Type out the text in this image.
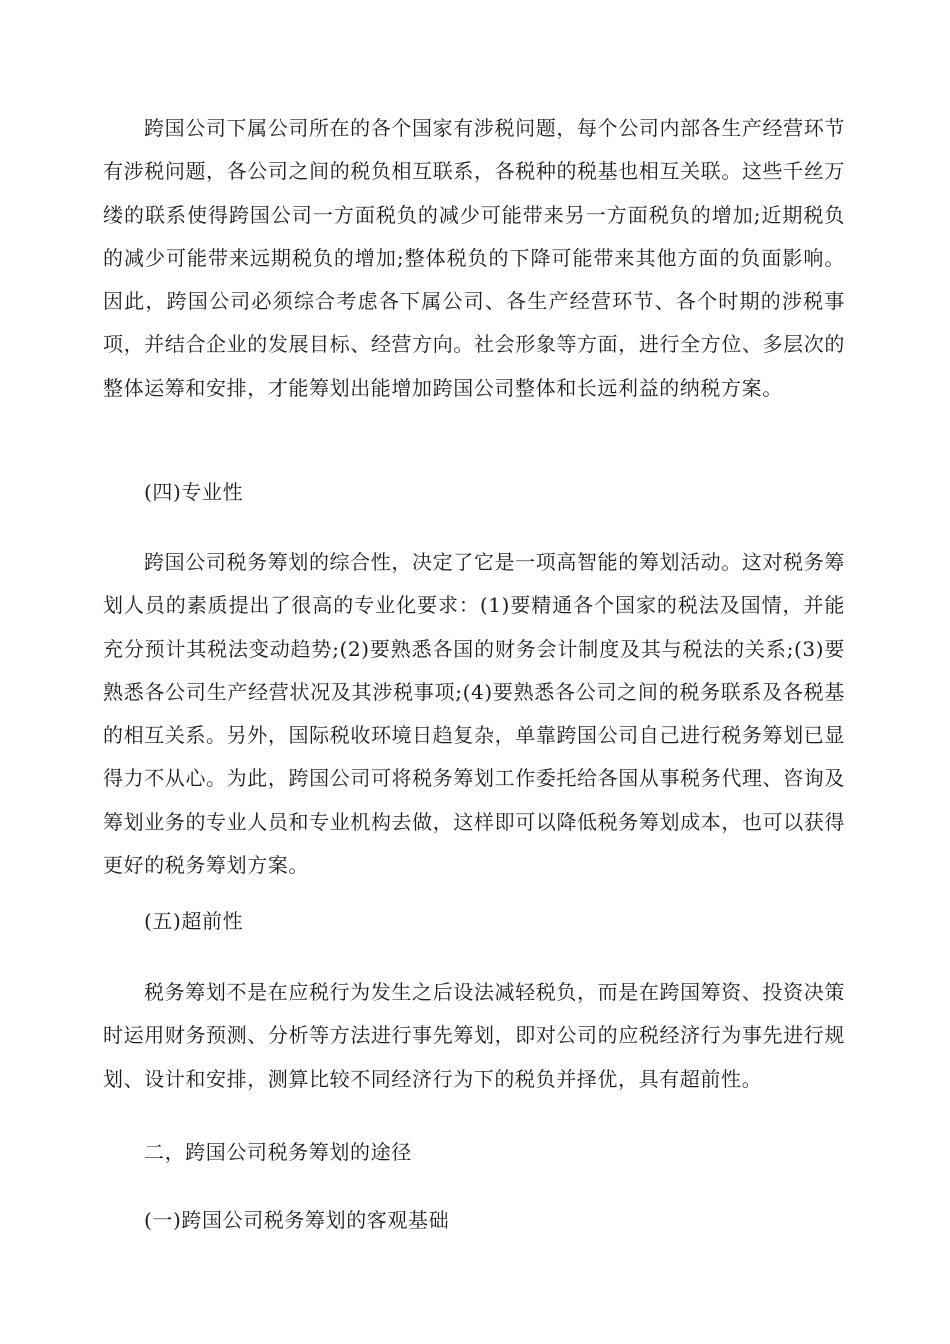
跨国公司下属公司所在的各个国家有涉税问题，每个公司内部各生产经营环节有涉税问题，各公司之间的税负相互联系，各税种的税基也相互关联。这些千丝万缕的联系使得跨国公司一方面税负的减少可能带来另一方面税负的增加;近期税负的减少可能带来远期税负的增加;整体税负的下降可能带来其他方面的负面影响。因此，跨国公司必须综合考虑各下属公司、各生产经营环节、各个时期的涉税事项，并结合企业的发展目标、经营方向。社会形象等方面，进行全方位、多层次的整体运筹和安排，才能筹划出能增加跨国公司整体和长远利益的纳税方案。

(四)专业性

跨国公司税务筹划的综合性，决定了它是一项高智能的筹划活动。这对税务筹划人员的素质提出了很高的专业化要求：(1)要精通各个国家的税法及国情，并能充分预计其税法变动趋势;(2)要熟悉各国的财务会计制度及其与税法的关系;(3)要熟悉各公司生产经营状况及其涉税事项;(4)要熟悉各公司之间的税务联系及各税基的相互关系。另外，国际税收环境日趋复杂，单靠跨国公司自己进行税务筹划已显得力不从心。为此，跨国公司可将税务筹划工作委托给各国从事税务代理、咨询及筹划业务的专业人员和专业机构去做，这样即可以降低税务筹划成本，也可以获得更好的税务筹划方案。

(五)超前性

税务筹划不是在应税行为发生之后设法减轻税负，而是在跨国筹资、投资决策时运用财务预测、分析等方法进行事先筹划，即对公司的应税经济行为事先进行规划、设计和安排，测算比较不同经济行为下的税负并择优，具有超前性。

二，跨国公司税务筹划的途径

(一)跨国公司税务筹划的客观基础
